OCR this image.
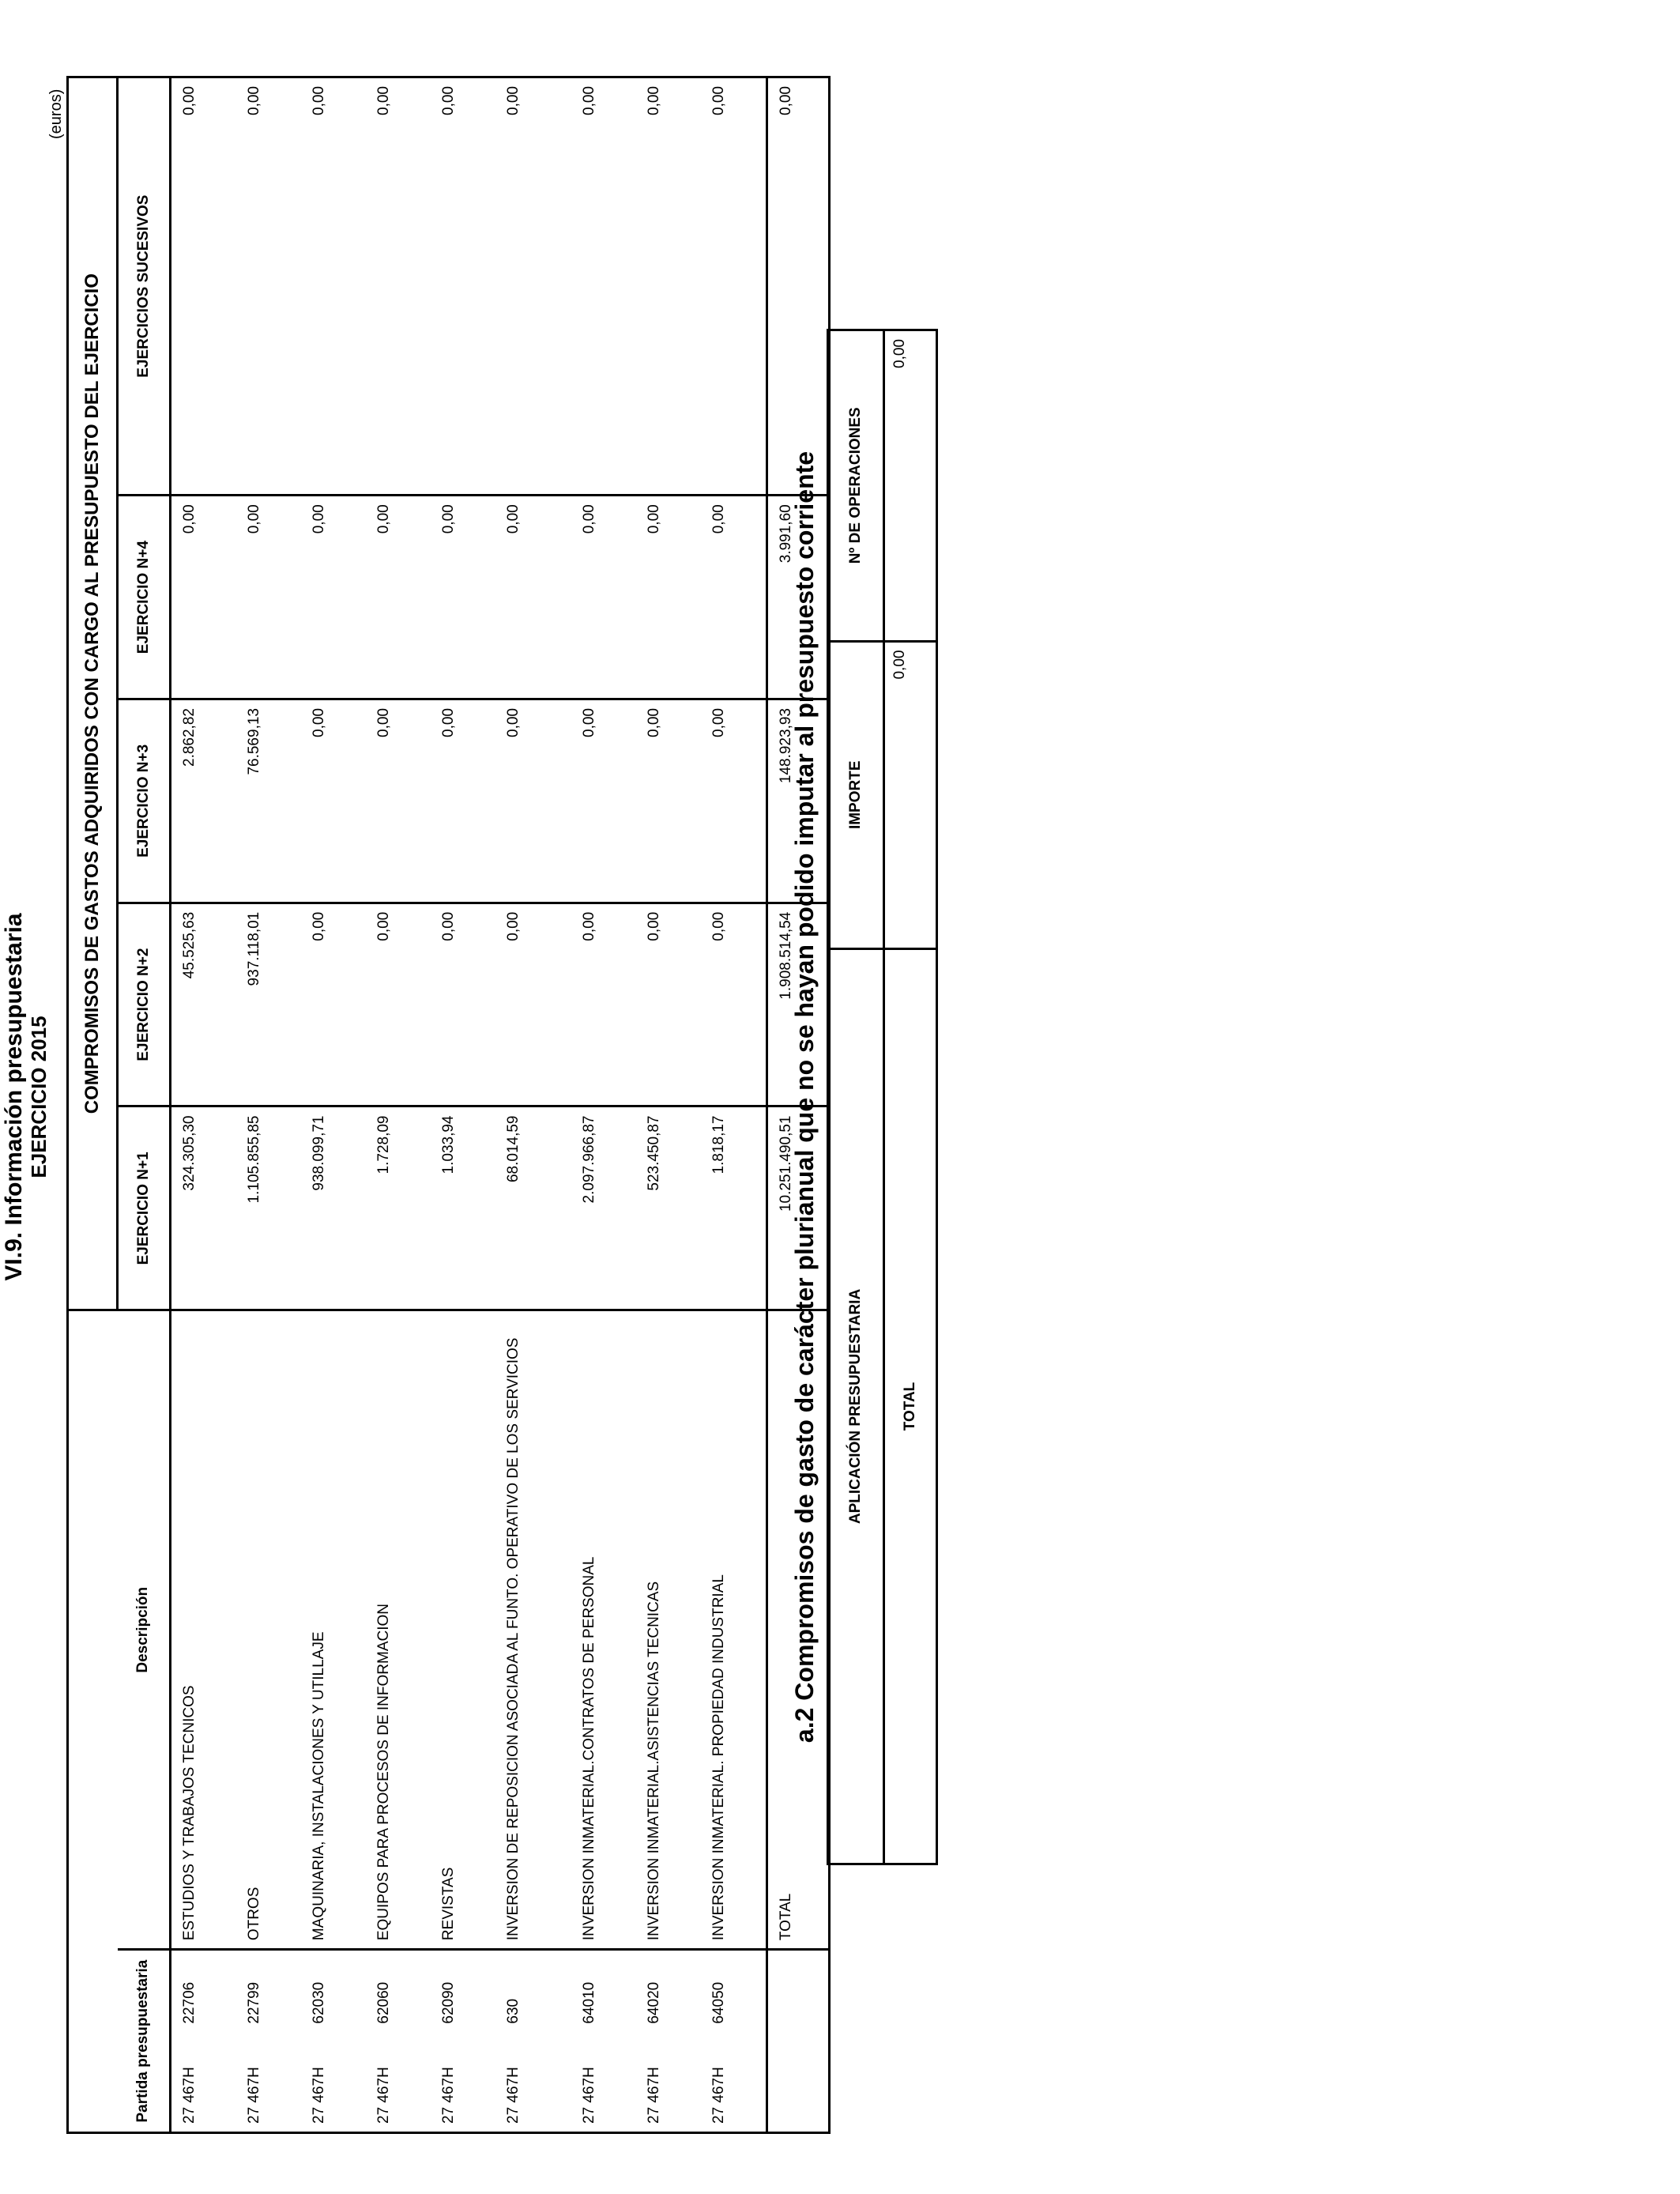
VI.9. Información presupuestaria EJERCICIO 2015
(euros)
			COMPROMISOS DE GASTOS ADQUIRIDOS CON CARGO AL PRESUPUESTO DEL EJERCICIO				
Partida presupuestaria		Descripción	EJERCICIO N+1	EJERCICIO N+2	EJERCICIO N+3	EJERCICIO N+4	EJERCICIOS SUCESIVOS
27 467H	22706	ESTUDIOS Y TRABAJOS TECNICOS	324.305,30	45.525,63	2.862,82	0,00	0,00
27 467H	22799	OTROS	1.105.855,85	937.118,01	76.569,13	0,00	0,00
27 467H	62030	MAQUINARIA, INSTALACIONES Y UTILLAJE	938.099,71	0,00	0,00	0,00	0,00
27 467H	62060	EQUIPOS PARA PROCESOS DE INFORMACION	1.728,09	0,00	0,00	0,00	0,00
27 467H	62090	REVISTAS	1.033,94	0,00	0,00	0,00	0,00
27 467H	630	INVERSION DE REPOSICION ASOCIADA AL FUNTO. OPERATIVO DE LOS SERVICIOS	68.014,59	0,00	0,00	0,00	0,00
27 467H	64010	INVERSION INMATERIAL.CONTRATOS DE PERSONAL	2.097.966,87	0,00	0,00	0,00	0,00
27 467H	64020	INVERSION INMATERIAL.ASISTENCIAS TECNICAS	523.450,87	0,00	0,00	0,00	0,00
27 467H	64050	INVERSION INMATERIAL. PROPIEDAD INDUSTRIAL	1.818,17	0,00	0,00	0,00	0,00
		TOTAL	10.251.490,51	1.908.514,54	148.923,93	3.991,60	0,00
a.2 Compromisos de gasto de carácter plurianual que no se hayan podido imputar al presupuesto corriente APLICACIÓN PRESUPUESTARIA	IMPORTE	Nº DE OPERACIONES
TOTAL	0,00	0,00
